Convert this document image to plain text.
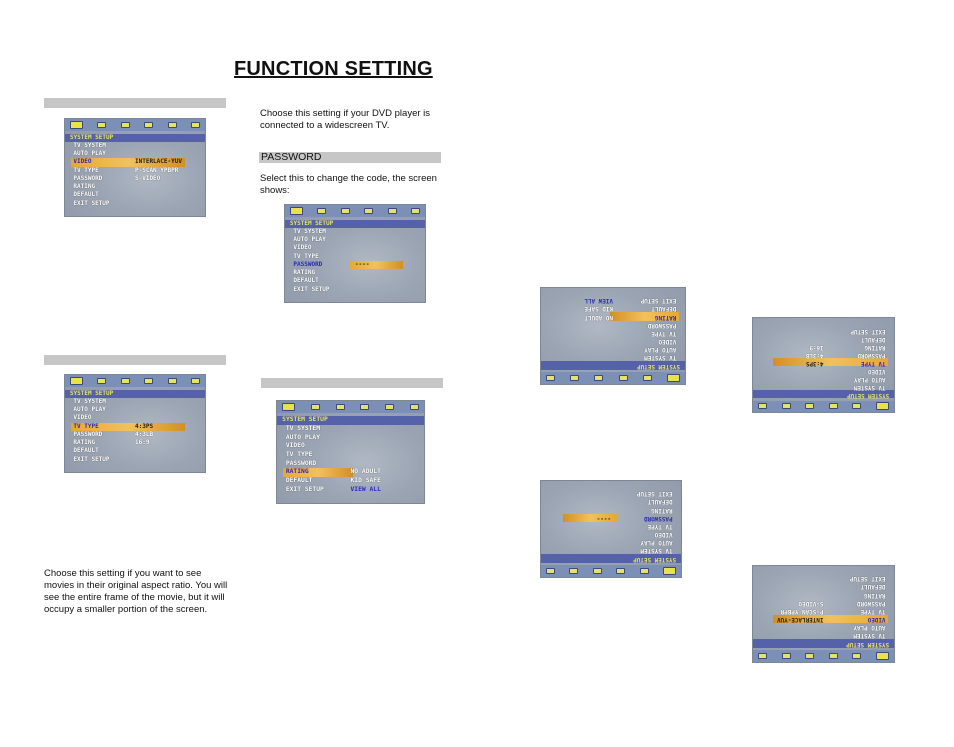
FUNCTION SETTING
SYSTEM SETUP
TV SYSTEM
AUTO PLAY
VIDEO
TV TYPE
PASSWORD
RATING
DEFAULT
EXIT SETUP
INTERLACE-YUV
P-SCAN YPBPR
S-VIDEO
SYSTEM SETUP
TV SYSTEM
AUTO PLAY
VIDEO
TV TYPE
PASSWORD
RATING
DEFAULT
EXIT SETUP
4:3PS
4:3LB
16:9
Choose this setting if you want to see movies in their original aspect ratio. You will see the entire frame of the movie, but it will occupy a smaller portion of the screen.
Choose this setting if your DVD player is connected to a widescreen TV.
PASSWORD
Select this to change the code, the screen shows:
SYSTEM SETUP
TV SYSTEM
AUTO PLAY
VIDEO
TV TYPE
PASSWORD
RATING
DEFAULT
EXIT SETUP
----
SYSTEM SETUP
TV SYSTEM
AUTO PLAY
VIDEO
TV TYPE
PASSWORD
RATING
DEFAULT
EXIT SETUP
NO ADULT
KID SAFE
VIEW ALL
SYSTEM SETUP
TV SYSTEM
AUTO PLAY
VIDEO
TV TYPE
PASSWORD
RATING
DEFAULT
EXIT SETUP
NO ADULT
KID SAFE
VIEW ALL
SYSTEM SETUP
TV SYSTEM
AUTO PLAY
VIDEO
TV TYPE
PASSWORD
RATING
DEFAULT
EXIT SETUP
4:3PS
4:3LB
16:9
SYSTEM SETUP
TV SYSTEM
AUTO PLAY
VIDEO
TV TYPE
PASSWORD
RATING
DEFAULT
EXIT SETUP
----
SYSTEM SETUP
TV SYSTEM
AUTO PLAY
VIDEO
TV TYPE
PASSWORD
RATING
DEFAULT
EXIT SETUP
INTERLACE-YUV
P-SCAN YPBPR
S-VIDEO
